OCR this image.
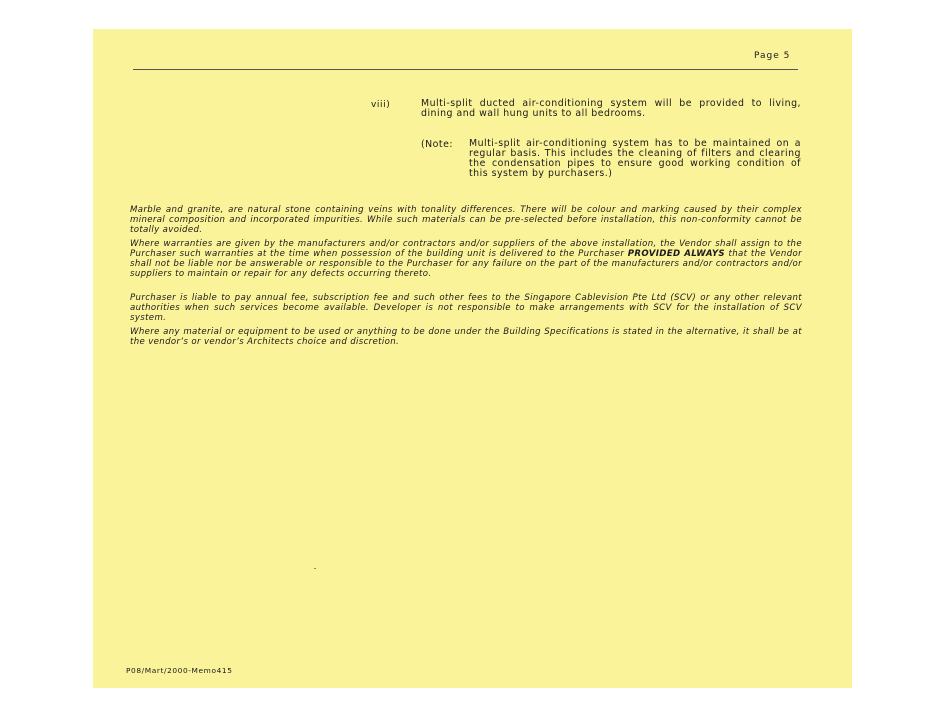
Page 5
viii)	Multi-split ducted air-conditioning system will be provided to living, dining and wall hung units to all bedrooms.
(Note: Multi-split air-conditioning system has to be maintained on a regular basis. This includes the cleaning of filters and clearing the condensation pipes to ensure good working condition of this system by purchasers.)
Marble and granite, are natural stone containing veins with tonality differences. There will be colour and marking caused by their complex mineral composition and incorporated impurities. While such materials can be pre-selected before installation, this non-conformity cannot be totally avoided.
Where warranties are given by the manufacturers and/or contractors and/or suppliers of the above installation, the Vendor shall assign to the Purchaser such warranties at the time when possession of the building unit is delivered to the Purchaser PROVIDED ALWAYS that the Vendor shall not be liable nor be answerable or responsible to the Purchaser for any failure on the part of the manufacturers and/or contractors and/or suppliers to maintain or repair for any defects occurring thereto.
Purchaser is liable to pay annual fee, subscription fee and such other fees to the Singapore Cablevision Pte Ltd (SCV) or any other relevant authorities when such services become available. Developer is not responsible to make arrangements with SCV for the installation of SCV system.
Where any material or equipment to be used or anything to be done under the Building Specifications is stated in the alternative, it shall be at the vendor’s or vendor’s Architects choice and discretion.
P08/Mart/2000-Memo415
